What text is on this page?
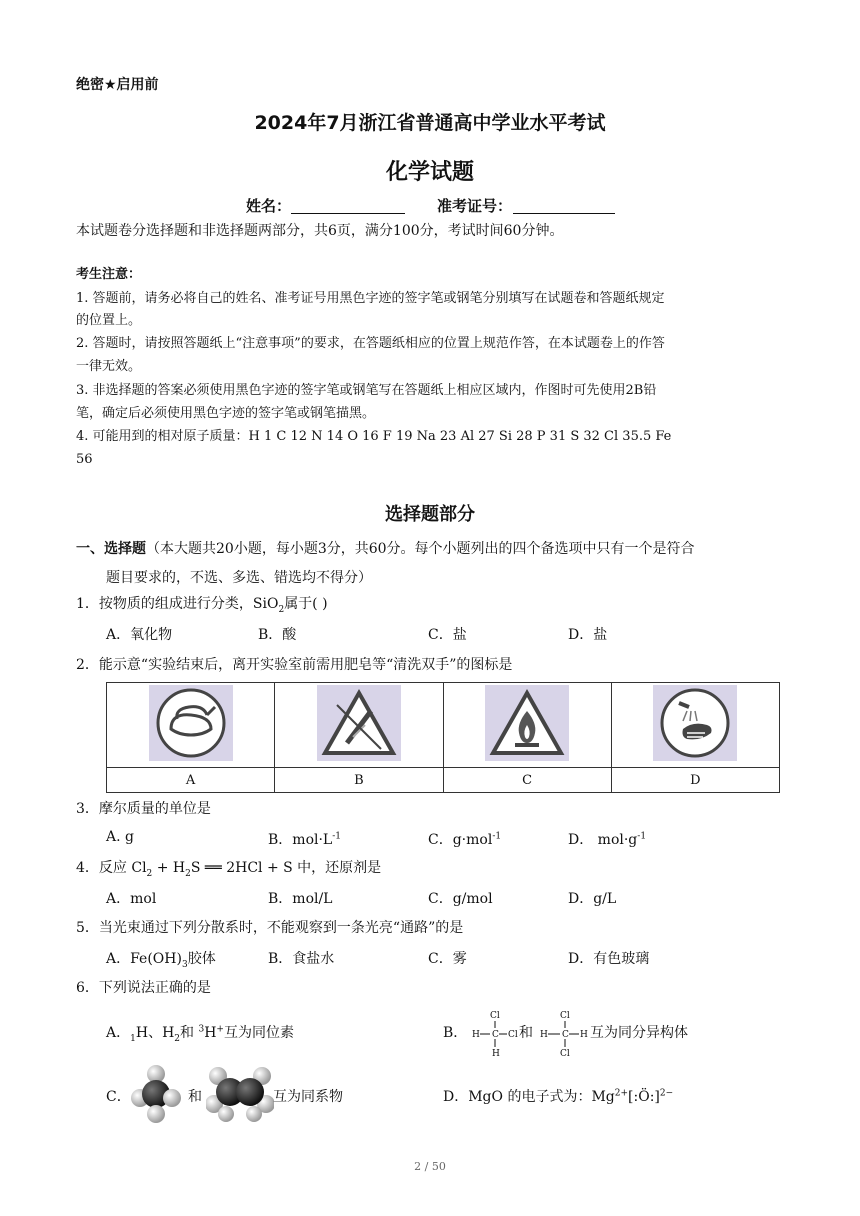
绝密★启用前
2024年7月浙江省普通高中学业水平考试
化学试题
姓名：	准考证号：
本试题卷分选择题和非选择题两部分，共6页，满分100分，考试时间60分钟。
考生注意：
1. 答题前，请务必将自己的姓名、准考证号用黑色字迹的签字笔或钢笔分别填写在试题卷和答题纸规定
的位置上。
2. 答题时，请按照答题纸上“注意事项”的要求，在答题纸相应的位置上规范作答，在本试题卷上的作答
一律无效。
3. 非选择题的答案必须使用黑色字迹的签字笔或钢笔写在答题纸上相应区域内，作图时可先使用2B铅
笔，确定后必须使用黑色字迹的签字笔或钢笔描黑。
4. 可能用到的相对原子质量：H 1 C 12 N 14 O 16 F 19 Na 23 Al 27 Si 28 P 31 S 32 Cl 35.5 Fe
56
选择题部分
一、选择题（本大题共20小题，每小题3分，共60分。每个小题列出的四个备选项中只有一个是符合
题目要求的，不选、多选、错选均不得分）
1．按物质的组成进行分类，SiO$_2$属于( )
A．氧化物	B．酸	C．盐	D．盐
2．能示意“实验结束后，离开实验室前需用肥皂等“清洗双手”的图标是

A	B	C	D
3．摩尔质量的单位是
A. g	B．$mol\cdot L^{-1}$	C．g·mol$^{-1}$	D． $mol\cdot g^{-1}$
4．反应 $Cl_2 + H_2S$ ══ 2HCl + S 中，还原剂是
A．mol	B．mol/L	C．g/mol	D．g/L
5．当光束通过下列分散系时，不能观察到一条光亮“通路”的是
A．$Fe(OH)_3$胶体	B．食盐水	C．雾	D．有色玻璃
6．下列说法正确的是
A．$_1$H、$H_2$和 $^3$H+互为同位素	B．
Cl
H C Cl
H
H
Cl
C H
Cl
和	互为同分异构体
C．	和	互为同系物	D．MgO 的电子式为：$Mg^{2+}[:Ö:]^{2-}$
2 / 50
